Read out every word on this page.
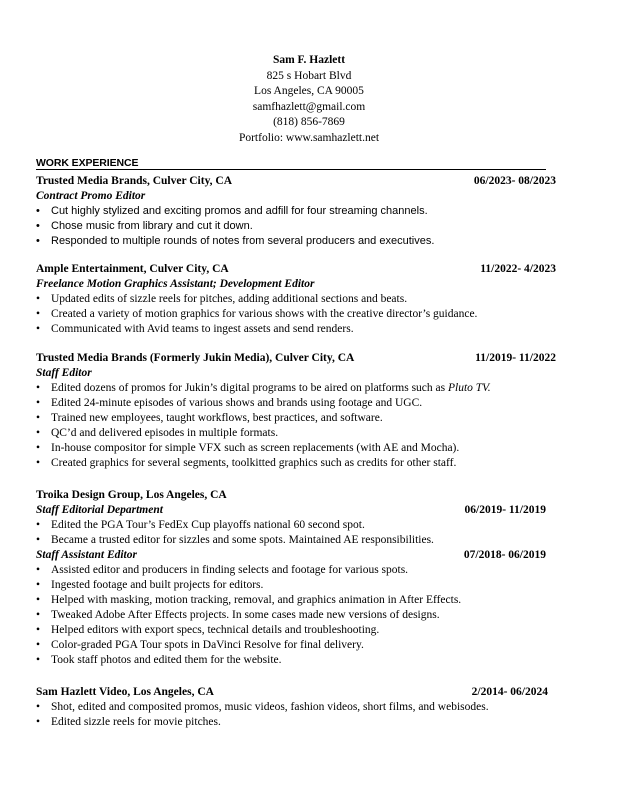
Sam F. Hazlett
825 s Hobart Blvd
Los Angeles, CA 90005
samfhazlett@gmail.com
(818) 856-7869
Portfolio: www.samhazlett.net
WORK EXPERIENCE
Trusted Media Brands, Culver City, CA	06/2023- 08/2023
Contract Promo Editor
• Cut highly stylized and exciting promos and adfill for four streaming channels.
• Chose music from library and cut it down.
• Responded to multiple rounds of notes from several producers and executives.
Ample Entertainment, Culver City, CA	11/2022- 4/2023
Freelance Motion Graphics Assistant; Development Editor
• Updated edits of sizzle reels for pitches, adding additional sections and beats.
• Created a variety of motion graphics for various shows with the creative director’s guidance.
• Communicated with Avid teams to ingest assets and send renders.
Trusted Media Brands (Formerly Jukin Media), Culver City, CA	11/2019- 11/2022
Staff Editor
• Edited dozens of promos for Jukin’s digital programs to be aired on platforms such as Pluto TV.
• Edited 24-minute episodes of various shows and brands using footage and UGC.
• Trained new employees, taught workflows, best practices, and software.
• QC’d and delivered episodes in multiple formats.
• In-house compositor for simple VFX such as screen replacements (with AE and Mocha).
• Created graphics for several segments, toolkitted graphics such as credits for other staff.
Troika Design Group, Los Angeles, CA
Staff Editorial Department	06/2019- 11/2019
• Edited the PGA Tour’s FedEx Cup playoffs national 60 second spot.
• Became a trusted editor for sizzles and some spots. Maintained AE responsibilities.
Staff Assistant Editor	07/2018- 06/2019
• Assisted editor and producers in finding selects and footage for various spots.
• Ingested footage and built projects for editors.
• Helped with masking, motion tracking, removal, and graphics animation in After Effects.
• Tweaked Adobe After Effects projects. In some cases made new versions of designs.
• Helped editors with export specs, technical details and troubleshooting.
• Color-graded PGA Tour spots in DaVinci Resolve for final delivery.
• Took staff photos and edited them for the website.
Sam Hazlett Video, Los Angeles, CA	2/2014- 06/2024
• Shot, edited and composited promos, music videos, fashion videos, short films, and webisodes.
• Edited sizzle reels for movie pitches.
